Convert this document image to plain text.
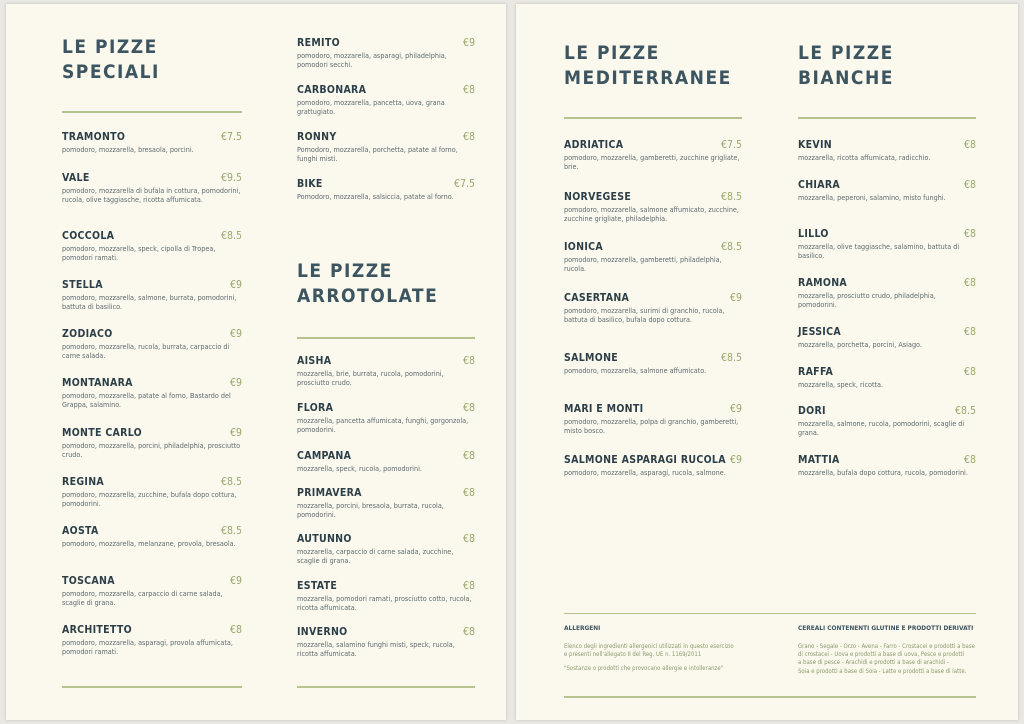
LE PIZZE
SPECIALI
TRAMONTO	€7.5
pomodoro, mozzarella, bresaola, porcini.
VALE	€9.5
pomodoro, mozzarella di bufala in cottura, pomodorini, rucola, olive taggiasche, ricotta affumicata.
COCCOLA	€8.5
pomodoro, mozzarella, speck, cipolla di Tropea, pomodori ramati.
STELLA	€9
pomodoro, mozzarella, salmone, burrata, pomodorini, battuta di basilico.
ZODIACO	€9
pomodoro, mozzarella, rucola, burrata, carpaccio di carne salada.
MONTANARA	€9
pomodoro, mozzarella, patate al forno, Bastardo del Grappa, salamino.
MONTE CARLO	€9
pomodoro, mozzarella, porcini, philadelphia, prosciutto crudo.
REGINA	€8.5
pomodoro, mozzarella, zucchine, bufala dopo cottura, pomodorini.
AOSTA	€8.5
pomodoro, mozzarella, melanzane, provola, bresaola.
TOSCANA	€9
pomodoro, mozzarella, carpaccio di carne salada, scaglie di grana.
ARCHITETTO	€8
pomodoro, mozzarella, asparagi, provola affumicata, pomodori ramati.
REMITO	€9
pomodoro, mozzarella, asparagi, philadelphia, pomodori secchi.
CARBONARA	€8
pomodoro, mozzarella, pancetta, uova, grana grattugiato.
RONNY	€8
Pomodoro, mozzarella, porchetta, patate al forno, funghi misti.
BIKE	€7.5
Pomodoro, mozzarella, salsiccia, patate al forno.
LE PIZZE
ARROTOLATE
AISHA	€8
mozzarella, brie, burrata, rucola, pomodorini, prosciutto crudo.
FLORA	€8
mozzarella, pancetta affumicata, funghi, gorgonzola, pomodorini.
CAMPANA	€8
mozzarella, speck, rucola, pomodorini.
PRIMAVERA	€8
mozzarella, porcini, bresaola, burrata, rucola, pomodorini.
AUTUNNO	€8
mozzarella, carpaccio di carne salada, zucchine, scaglie di grana.
ESTATE	€8
mozzarella, pomodori ramati, prosciutto cotto, rucola, ricotta affumicata.
INVERNO	€8
mozzarella, salamino funghi misti, speck, rucola, ricotta affumicata.
LE PIZZE
MEDITERRANEE
ADRIATICA	€7.5
pomodoro, mozzarella, gamberetti, zucchine grigliate, brie.
NORVEGESE	€8.5
pomodoro, mozzarella, salmone affumicato, zucchine, zucchine grigliate, philadelphia.
IONICA	€8.5
pomodoro, mozzarella, gamberetti, philadelphia, rucola.
CASERTANA	€9
pomodoro, mozzarella, surimi di granchio, rucola, battuta di basilico, bufala dopo cottura.
SALMONE	€8.5
pomodoro, mozzarella, salmone affumicato.
MARI E MONTI	€9
pomodoro, mozzarella, polpa di granchio, gamberetti, misto bosco.
SALMONE ASPARAGI RUCOLA €9
pomodoro, mozzarella, asparagi, rucola, salmone.
LE PIZZE
BIANCHE
KEVIN	€8
mozzarella, ricotta affumicata, radicchio.
CHIARA	€8
mozzarella, peperoni, salamino, misto funghi.
LILLO	€8
mozzarella, olive taggiasche, salamino, battuta di basilico.
RAMONA	€8
mozzarella, prosciutto crudo, philadelphia, pomodorini.
JESSICA	€8
mozzarella, porchetta, porcini, Asiago.
RAFFA	€8
mozzarella, speck, ricotta.
DORI	€8.5
mozzarella, salmone, rucola, pomodorini, scaglie di grana.
MATTIA	€8
mozzarella, bufala dopo cottura, rucola, pomodorini.
ALLERGENI
Elenco degli ingredienti allergenici utilizzati in questo esercizio
e presenti nell'allegato II del Reg. UE n. 1169/2011
"Sostanze o prodotti che provocano allergie e intolleranze"
CEREALI CONTENENTI GLUTINE E PRODOTTI DERIVATI
Grano - Segale - Orzo - Avena - Farro - Crostacei e prodotti a base
di crostacei - Uova e prodotti a base di uova, Pesce e prodotti
a base di pesce - Arachidi e prodotti a base di arachidi -
Soia e prodotti a base di Soia - Latte e prodotti a base di latte.
